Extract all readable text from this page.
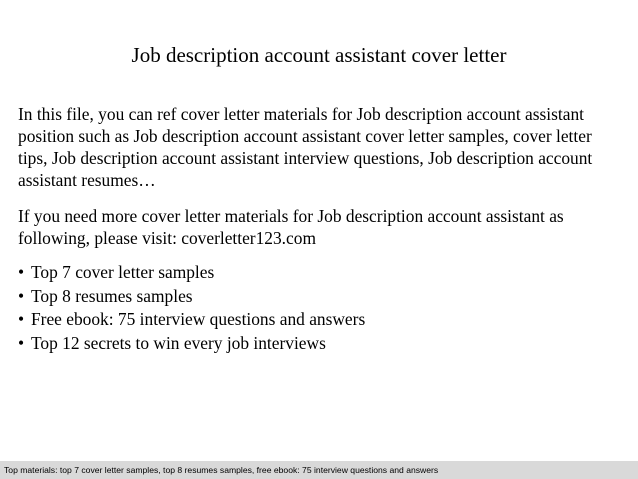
Job description account assistant cover letter

In this file, you can ref cover letter materials for Job description account assistant position such as Job description account assistant cover letter samples, cover letter tips, Job description account assistant interview questions, Job description account assistant resumes…

If you need more cover letter materials for Job description account assistant as following, please visit: coverletter123.com

• Top 7 cover letter samples
• Top 8 resumes samples
• Free ebook: 75 interview questions and answers
• Top 12 secrets to win every job interviews
Top materials: top 7 cover letter samples, top 8 resumes samples, free ebook: 75 interview questions and answers
